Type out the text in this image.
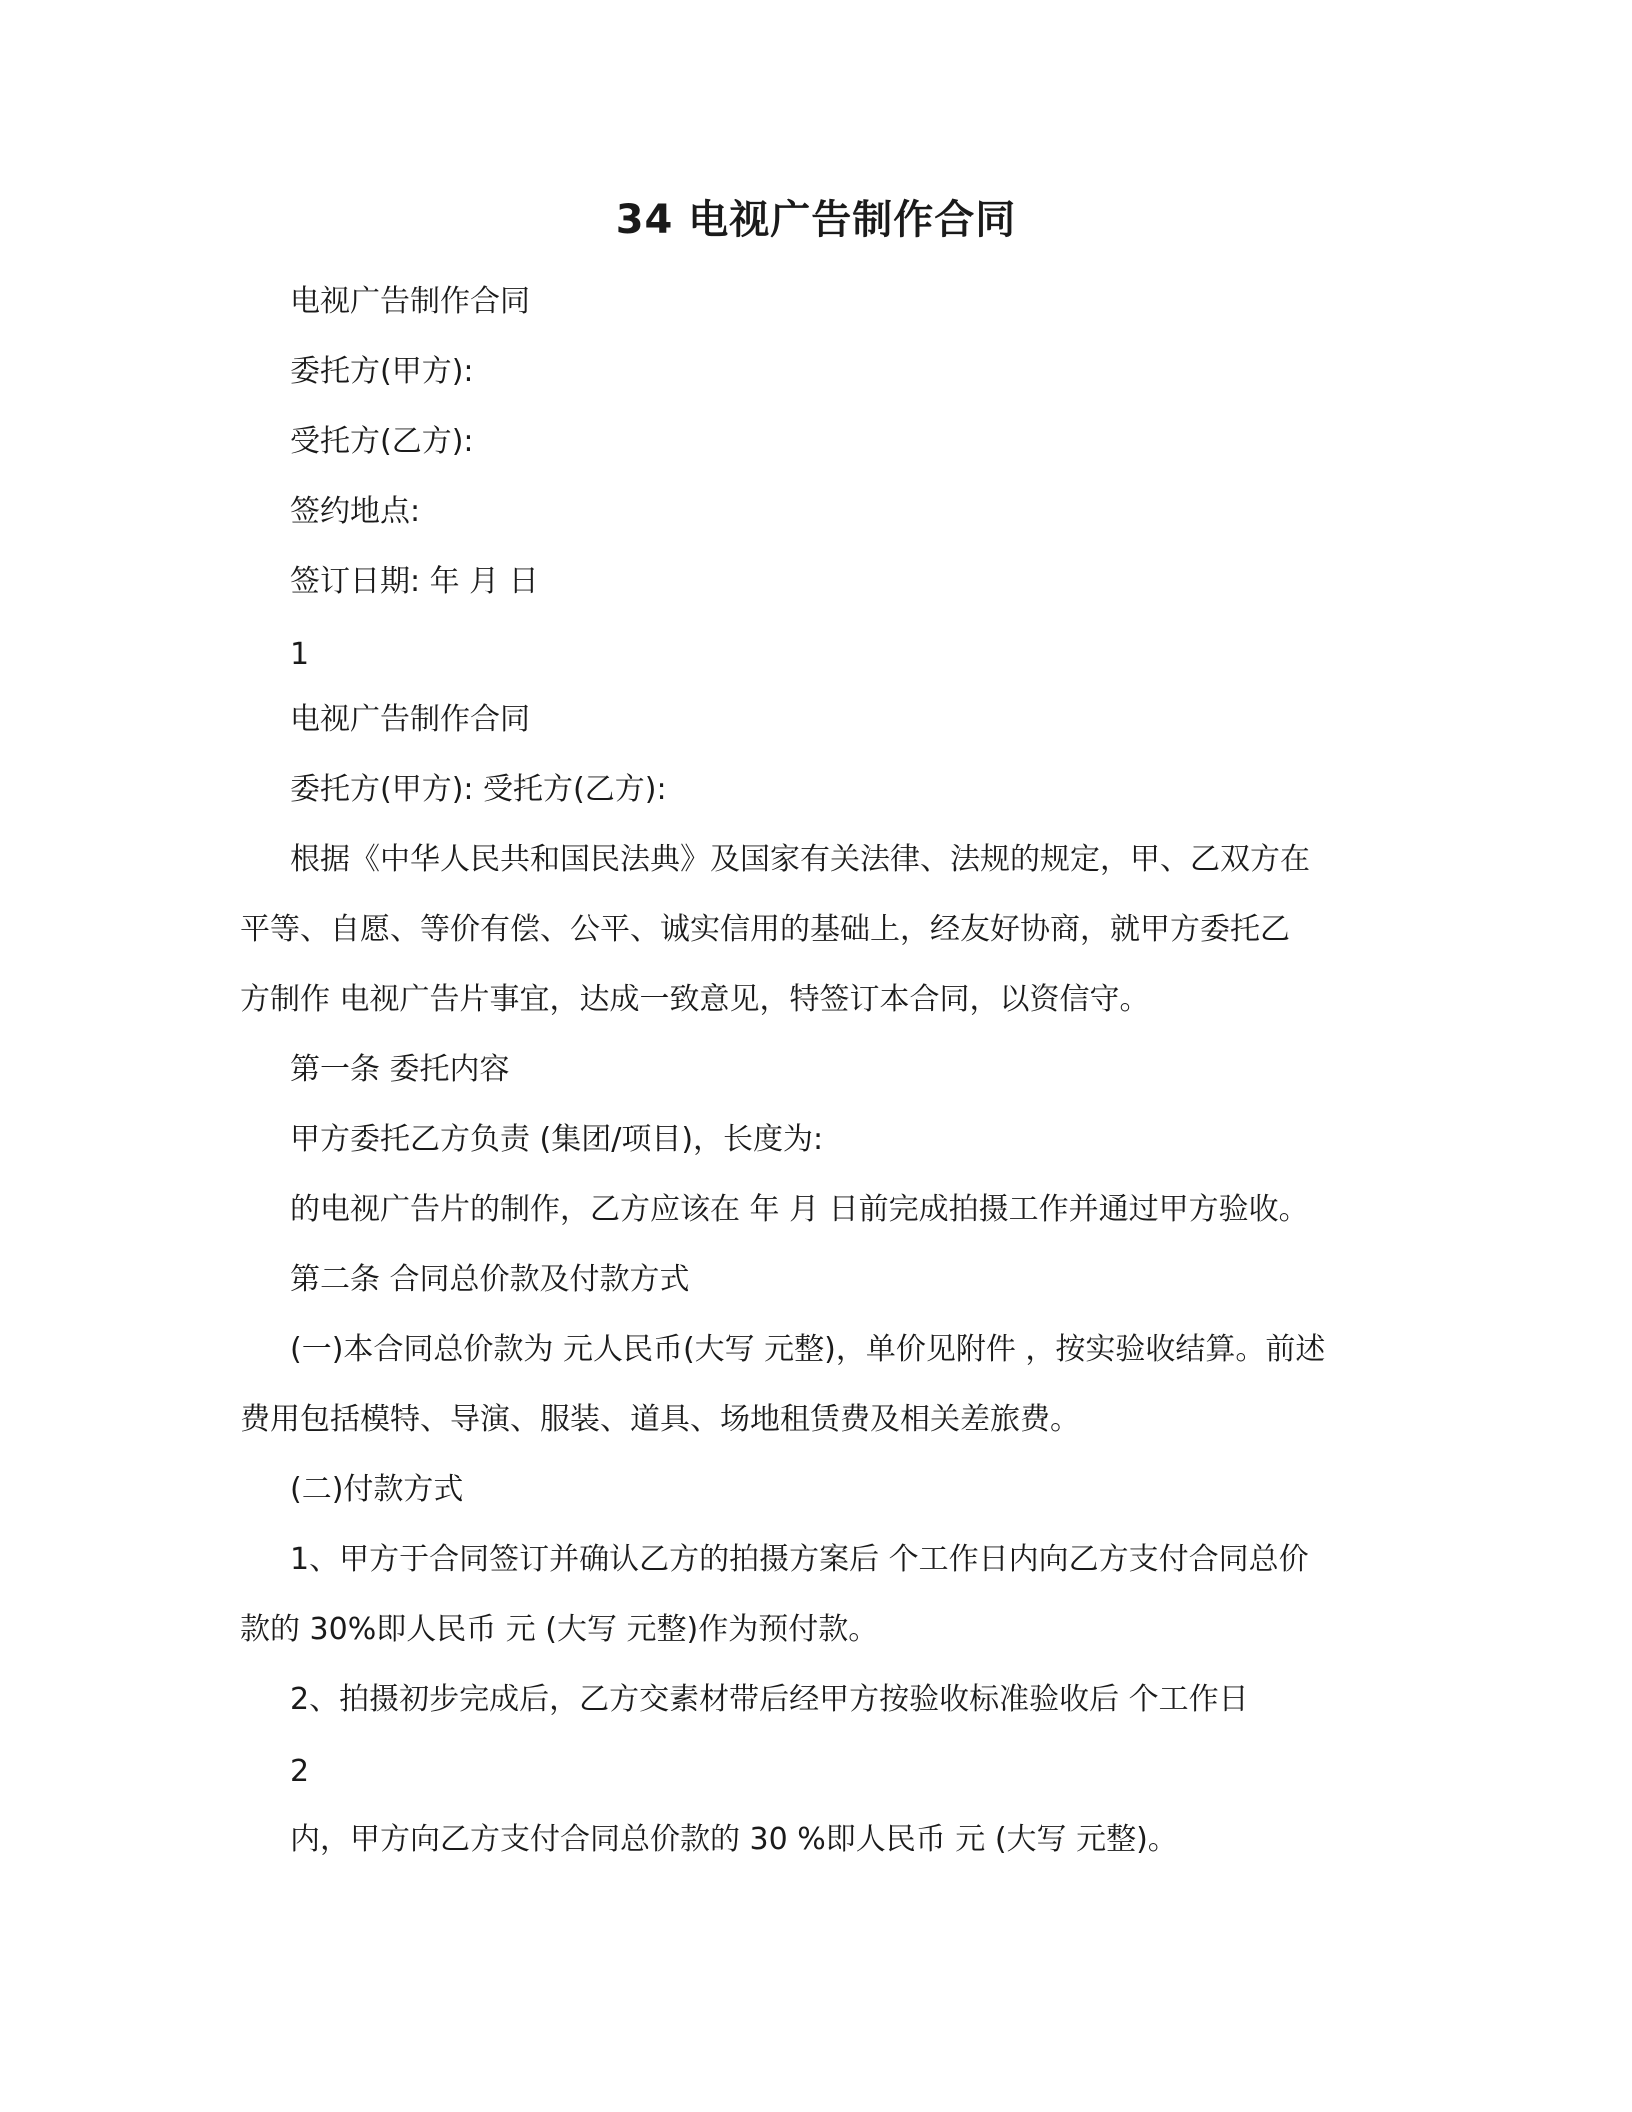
34 电视广告制作合同
电视广告制作合同
委托方(甲方):
受托方(乙方):
签约地点:
签订日期: 年 月 日
1
电视广告制作合同
委托方(甲方): 受托方(乙方):
根据《中华人民共和国民法典》及国家有关法律、法规的规定，甲、乙双方在
平等、自愿、等价有偿、公平、诚实信用的基础上，经友好协商，就甲方委托乙
方制作 电视广告片事宜，达成一致意见，特签订本合同，以资信守。
第一条 委托内容
甲方委托乙方负责 (集团/项目)，长度为:
的电视广告片的制作，乙方应该在 年 月 日前完成拍摄工作并通过甲方验收。
第二条 合同总价款及付款方式
(一)本合同总价款为 元人民币(大写 元整)，单价见附件 ，按实验收结算。前述
费用包括模特、导演、服装、道具、场地租赁费及相关差旅费。
(二)付款方式
1、甲方于合同签订并确认乙方的拍摄方案后 个工作日内向乙方支付合同总价
款的 30%即人民币 元 (大写 元整)作为预付款。
2、拍摄初步完成后，乙方交素材带后经甲方按验收标准验收后 个工作日
2
内，甲方向乙方支付合同总价款的 30 %即人民币 元 (大写 元整)。
